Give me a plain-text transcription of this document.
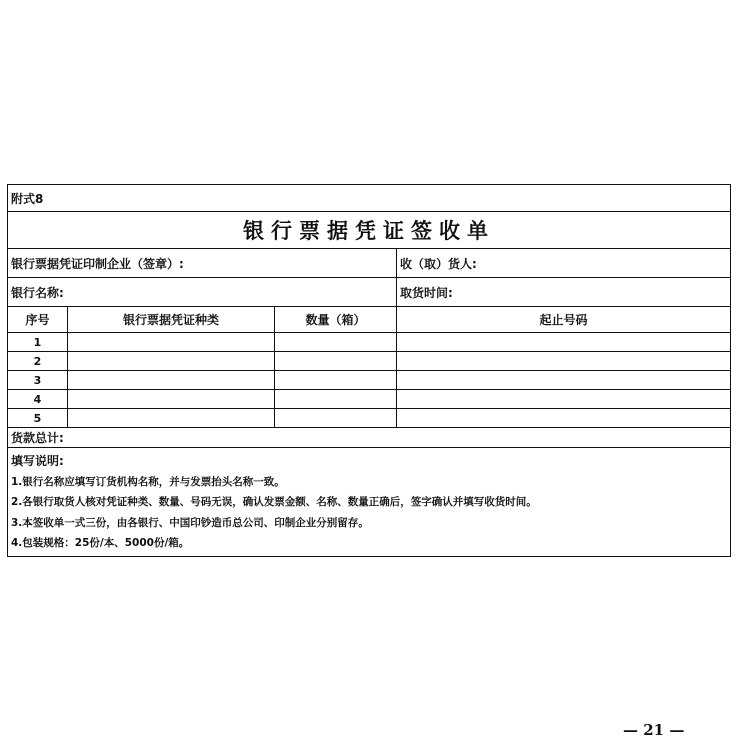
附式8			
银行票据凭证签收单			
银行票据凭证印制企业（签章）:			收（取）货人:
银行名称:			取货时间:
序号	银行票据凭证种类	数量（箱）	起止号码
1			
2			
3			
4			
5			
货款总计:			

填写说明:
1.银行名称应填写订货机构名称，并与发票抬头名称一致。
2.各银行取货人核对凭证种类、数量、号码无误，确认发票金额、名称、数量正确后，签字确认并填写收货时间。
3.本签收单一式三份，由各银行、中国印钞造币总公司、印制企业分别留存。
4.包装规格：25份/本、5000份/箱。			
— 21 —
